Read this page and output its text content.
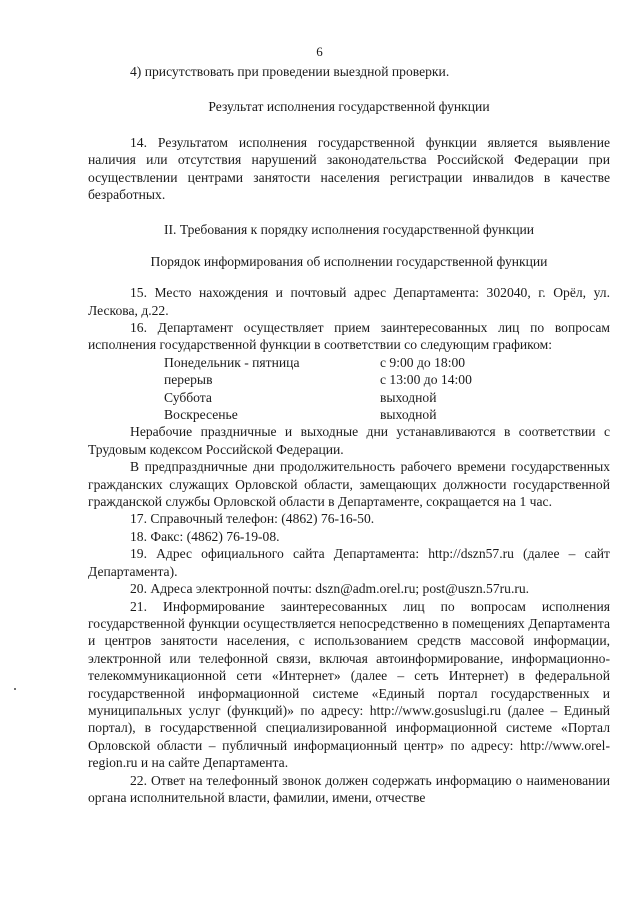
6

4) присутствовать при проведении выездной проверки.

Результат исполнения государственной функции

14. Результатом исполнения государственной функции является выявление наличия или отсутствия нарушений законодательства Российской Федерации при осуществлении центрами занятости населения регистрации инвалидов в качестве безработных.

II. Требования к порядку исполнения государственной функции

Порядок информирования об исполнении государственной функции

15. Место нахождения и почтовый адрес Департамента: 302040, г. Орёл, ул. Лескова, д.22.

16. Департамент осуществляет прием заинтересованных лиц по вопросам исполнения государственной функции в соответствии со следующим графиком:

Понедельник - пятница	с 9:00 до 18:00
перерыв	с 13:00 до 14:00
Суббота	выходной
Воскресенье	выходной

Нерабочие праздничные и выходные дни устанавливаются в соответствии с Трудовым кодексом Российской Федерации.

В предпраздничные дни продолжительность рабочего времени государственных гражданских служащих Орловской области, замещающих должности государственной гражданской службы Орловской области в Департаменте, сокращается на 1 час.

17. Справочный телефон: (4862) 76-16-50.

18. Факс: (4862) 76-19-08.

19. Адрес официального сайта Департамента: http://dszn57.ru (далее – сайт Департамента).

20. Адреса электронной почты: dszn@adm.orel.ru; post@uszn.57ru.ru.

21. Информирование заинтересованных лиц по вопросам исполнения государственной функции осуществляется непосредственно в помещениях Департамента и центров занятости населения, с использованием средств массовой информации, электронной или телефонной связи, включая автоинформирование, информационно-телекоммуникационной сети «Интернет» (далее – сеть Интернет) в федеральной государственной информационной системе «Единый портал государственных и муниципальных услуг (функций)» по адресу: http://www.gosuslugi.ru (далее – Единый портал), в государственной специализированной информационной системе «Портал Орловской области – публичный информационный центр» по адресу: http://www.orel-region.ru и на сайте Департамента.

22. Ответ на телефонный звонок должен содержать информацию о наименовании органа исполнительной власти, фамилии, имени, отчестве
